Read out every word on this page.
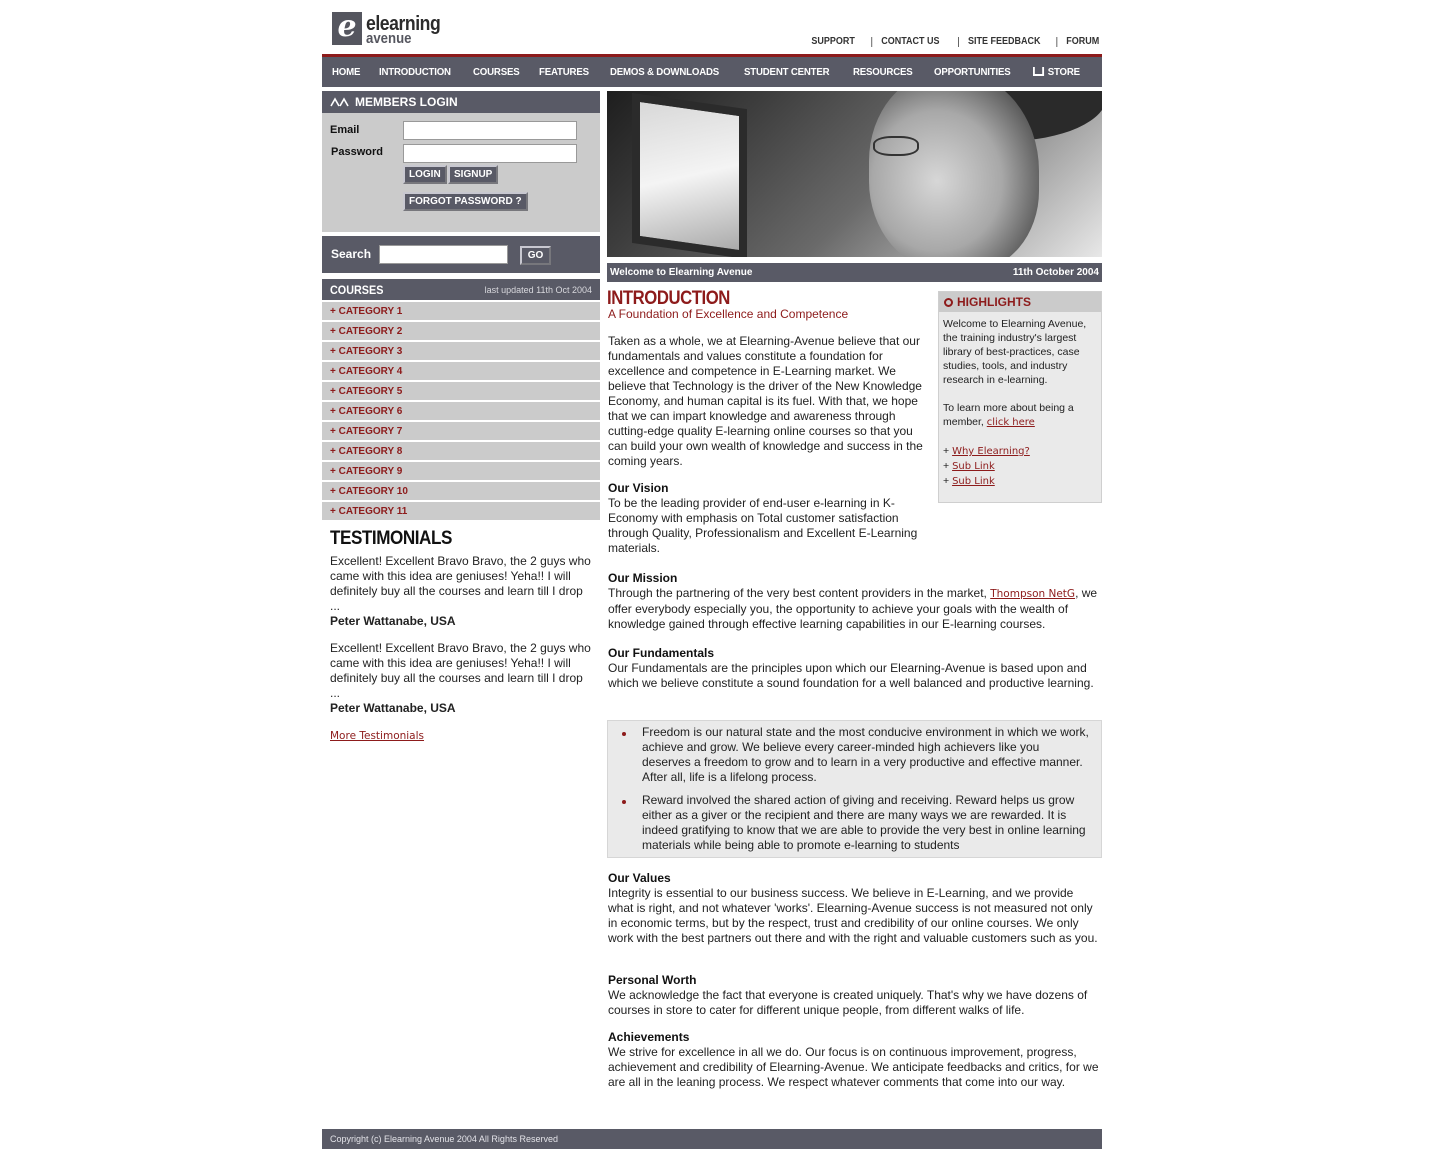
e elearning
avenue	SUPPORT	CONTACT US	SITE FEEDBACK	FORUM
HOME INTRODUCTION COURSES FEATURES DEMOS & DOWNLOADS STUDENT CENTER RESOURCES OPPORTUNITIES	STORE
MEMBERS LOGIN
Email
Password
LOGIN	SIGNUP
FORGOT PASSWORD ?
Search	GO
COURSES	last updated 11th Oct 2004
+ CATEGORY 1
+ CATEGORY 2
+ CATEGORY 3
+ CATEGORY 4
+ CATEGORY 5
+ CATEGORY 6
+ CATEGORY 7
+ CATEGORY 8
+ CATEGORY 9
+ CATEGORY 10
+ CATEGORY 11
TESTIMONIALS
Excellent! Excellent Bravo Bravo, the 2 guys who came with this idea are geniuses! Yeha!! I will definitely buy all the courses and learn till I drop ...
Peter Wattanabe, USA
Excellent! Excellent Bravo Bravo, the 2 guys who came with this idea are geniuses! Yeha!! I will definitely buy all the courses and learn till I drop ...
Peter Wattanabe, USA
More Testimonials
Welcome to Elearning Avenue	11th October 2004
INTRODUCTION
A Foundation of Excellence and Competence
Taken as a whole, we at Elearning-Avenue believe that our fundamentals and values constitute a foundation for excellence and competence in E-Learning market. We believe that Technology is the driver of the New Knowledge Economy, and human capital is its fuel. With that, we hope that we can impart knowledge and awareness through cutting-edge quality E-learning online courses so that you can build your own wealth of knowledge and success in the coming years.
Our Vision
To be the leading provider of end-user e-learning in K-Economy with emphasis on Total customer satisfaction through Quality, Professionalism and Excellent E-Learning materials.
Our Mission
Through the partnering of the very best content providers in the market, Thompson NetG, we offer everybody especially you, the opportunity to achieve your goals with the wealth of knowledge gained through effective learning capabilities in our E-learning courses.
Our Fundamentals
Our Fundamentals are the principles upon which our Elearning-Avenue is based upon and which we believe constitute a sound foundation for a well balanced and productive learning.
Freedom is our natural state and the most conducive environment in which we work, achieve and grow. We believe every career-minded high achievers like you deserves a freedom to grow and to learn in a very productive and effective manner. After all, life is a lifelong process.
Reward involved the shared action of giving and receiving. Reward helps us grow either as a giver or the recipient and there are many ways we are rewarded. It is indeed gratifying to know that we are able to provide the very best in online learning materials while being able to promote e-learning to students
Our Values
Integrity is essential to our business success. We believe in E-Learning, and we provide what is right, and not whatever 'works'. Elearning-Avenue success is not measured not only in economic terms, but by the respect, trust and credibility of our online courses. We only work with the best partners out there and with the right and valuable customers such as you.
Personal Worth
We acknowledge the fact that everyone is created uniquely. That's why we have dozens of courses in store to cater for different unique people, from different walks of life.
Achievements
We strive for excellence in all we do. Our focus is on continuous improvement, progress, achievement and credibility of Elearning-Avenue. We anticipate feedbacks and critics, for we are all in the leaning process. We respect whatever comments that come into our way.
HIGHLIGHTS
Welcome to Elearning Avenue, the training industry's largest library of best-practices, case studies, tools, and industry research in e-learning.
To learn more about being a member, click here
+ Why Elearning?
+ Sub Link
+ Sub Link
Copyright (c) Elearning Avenue 2004 All Rights Reserved
